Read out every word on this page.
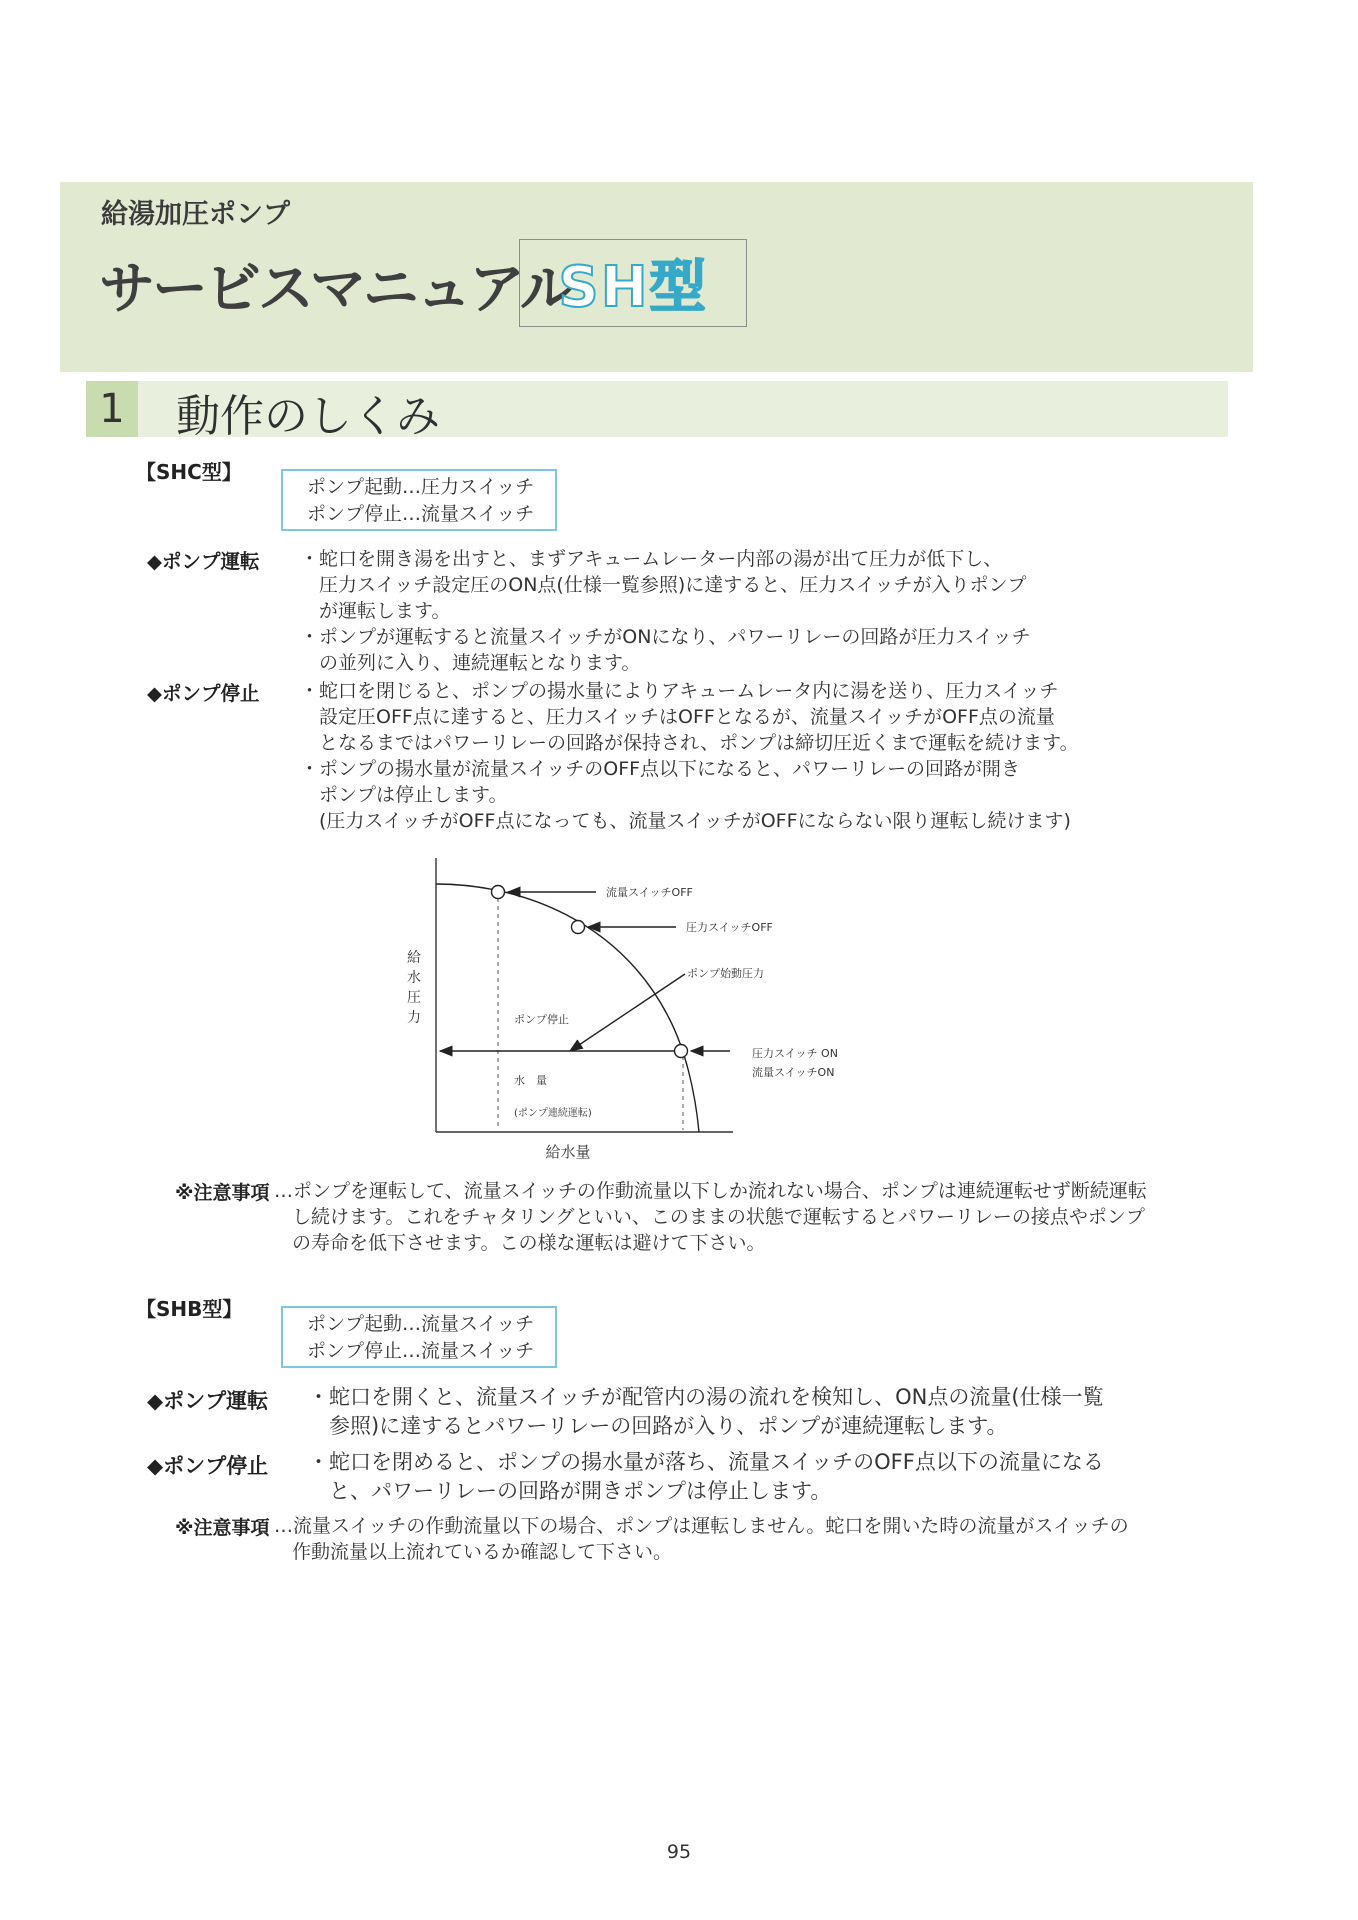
給湯加圧ポンプ
サービスマニュアル
SH型
1	動作のしくみ
【SHC型】
ポンプ起動…圧力スイッチ
ポンプ停止…流量スイッチ
◆ポンプ運転 ・蛇口を開き湯を出すと、まずアキュームレーター内部の湯が出て圧力が低下し、
　圧力スイッチ設定圧のON点(仕様一覧参照)に達すると、圧力スイッチが入りポンプ
　が運転します。
・ポンプが運転すると流量スイッチがONになり、パワーリレーの回路が圧力スイッチ
　の並列に入り、連続運転となります。
◆ポンプ停止 ・蛇口を閉じると、ポンプの揚水量によりアキュームレータ内に湯を送り、圧力スイッチ
　設定圧OFF点に達すると、圧力スイッチはOFFとなるが、流量スイッチがOFF点の流量
　となるまではパワーリレーの回路が保持され、ポンプは締切圧近くまで運転を続けます。
・ポンプの揚水量が流量スイッチのOFF点以下になると、パワーリレーの回路が開き
　ポンプは停止します。
　(圧力スイッチがOFF点になっても、流量スイッチがOFFにならない限り運転し続けます)
流量スイッチOFF
圧力スイッチOFF
ポンプ始動圧力
ポンプ停止
水　量
(ポンプ連続運転)
圧力スイッチ ON
流量スイッチON
給
水
圧
力
給水量
※注意事項 …ポンプを運転して、流量スイッチの作動流量以下しか流れない場合、ポンプは連続運転せず断続運転
し続けます。これをチャタリングといい、このままの状態で運転するとパワーリレーの接点やポンプ
の寿命を低下させます。この様な運転は避けて下さい。
【SHB型】
ポンプ起動…流量スイッチ
ポンプ停止…流量スイッチ
◆ポンプ運転 ・蛇口を開くと、流量スイッチが配管内の湯の流れを検知し、ON点の流量(仕様一覧
　参照)に達するとパワーリレーの回路が入り、ポンプが連続運転します。
◆ポンプ停止 ・蛇口を閉めると、ポンプの揚水量が落ち、流量スイッチのOFF点以下の流量になる
　と、パワーリレーの回路が開きポンプは停止します。
※注意事項 …流量スイッチの作動流量以下の場合、ポンプは運転しません。蛇口を開いた時の流量がスイッチの
作動流量以上流れているか確認して下さい。
95
